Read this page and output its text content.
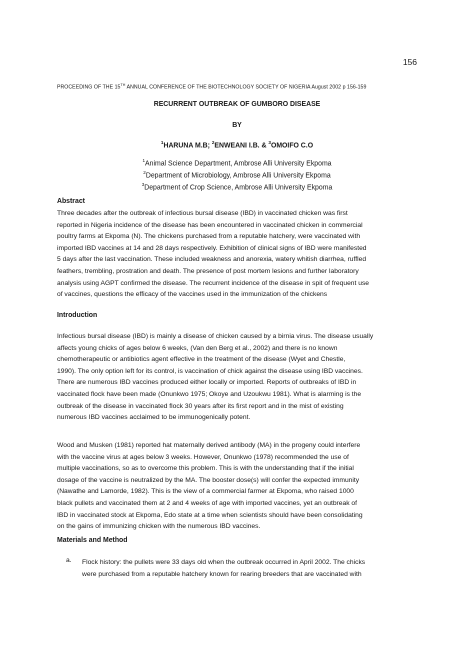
156
PROCEEDING OF THE 15TH ANNUAL CONFERENCE OF THE BIOTECHNOLOGY SOCIETY OF NIGERIA August 2002 p 156-159
RECURRENT OUTBREAK OF GUMBORO DISEASE
BY
$^1$HARUNA M.B; $^2$ENWEANI I.B. & $^3$OMOIFO C.O
$^1$Animal Science Department, Ambrose Alli University Ekpoma
$^2$Department of Microbiology, Ambrose Alli University Ekpoma
$^3$Department of Crop Science, Ambrose Alli University Ekpoma
Abstract
Three decades after the outbreak of infectious bursal disease (IBD) in vaccinated chicken was first
reported in Nigeria incidence of the disease has been encountered in vaccinated chicken in commercial
poultry farms at Ekpoma (N). The chickens purchased from a reputable hatchery, were vaccinated with
imported IBD vaccines at 14 and 28 days respectively. Exhibition of clinical signs of IBD were manifested
5 days after the last vaccination. These included weakness and anorexia, watery whitish diarrhea, ruffled
feathers, trembling, prostration and death. The presence of post mortem lesions and further laboratory
analysis using AGPT confirmed the disease. The recurrent incidence of the disease in spit of frequent use
of vaccines, questions the efficacy of the vaccines used in the immunization of the chickens
Introduction
Infectious bursal disease (IBD) is mainly a disease of chicken caused by a birnia virus. The disease usually
affects young chicks of ages below 6 weeks, (Van den Berg et al., 2002) and there is no known
chemotherapeutic or antibiotics agent effective in the treatment of the disease (Wyet and Chestle,
1990). The only option left for its control, is vaccination of chick against the disease using IBD vaccines.
There are numerous IBD vaccines produced either locally or imported. Reports of outbreaks of IBD in
vaccinated flock have been made (Onunkwo 1975; Okoye and Uzoukwu 1981). What is alarming is the
outbreak of the disease in vaccinated flock 30 years after its first report and in the mist of existing
numerous IBD vaccines acclaimed to be immunogenically potent.
Wood and Musken (1981) reported hat maternally derived antibody (MA) in the progeny could interfere
with the vaccine virus at ages below 3 weeks. However, Onunkwo (1978) recommended the use of
multiple vaccinations, so as to overcome this problem. This is with the understanding that if the initial
dosage of the vaccine is neutralized by the MA. The booster dose(s) will confer the expected immunity
(Nawathe and Lamorde, 1982). This is the view of a commercial farmer at Ekpoma, who raised 1000
black pullets and vaccinated them at 2 and 4 weeks of age with imported vaccines, yet an outbreak of
IBD in vaccinated stock at Ekpoma, Edo state at a time when scientists should have been consolidating
on the gains of immunizing chicken with the numerous IBD vaccines.
Materials and Method
a. Flock history: the pullets were 33 days old when the outbreak occurred in April 2002. The chicks
were purchased from a reputable hatchery known for rearing breeders that are vaccinated with
